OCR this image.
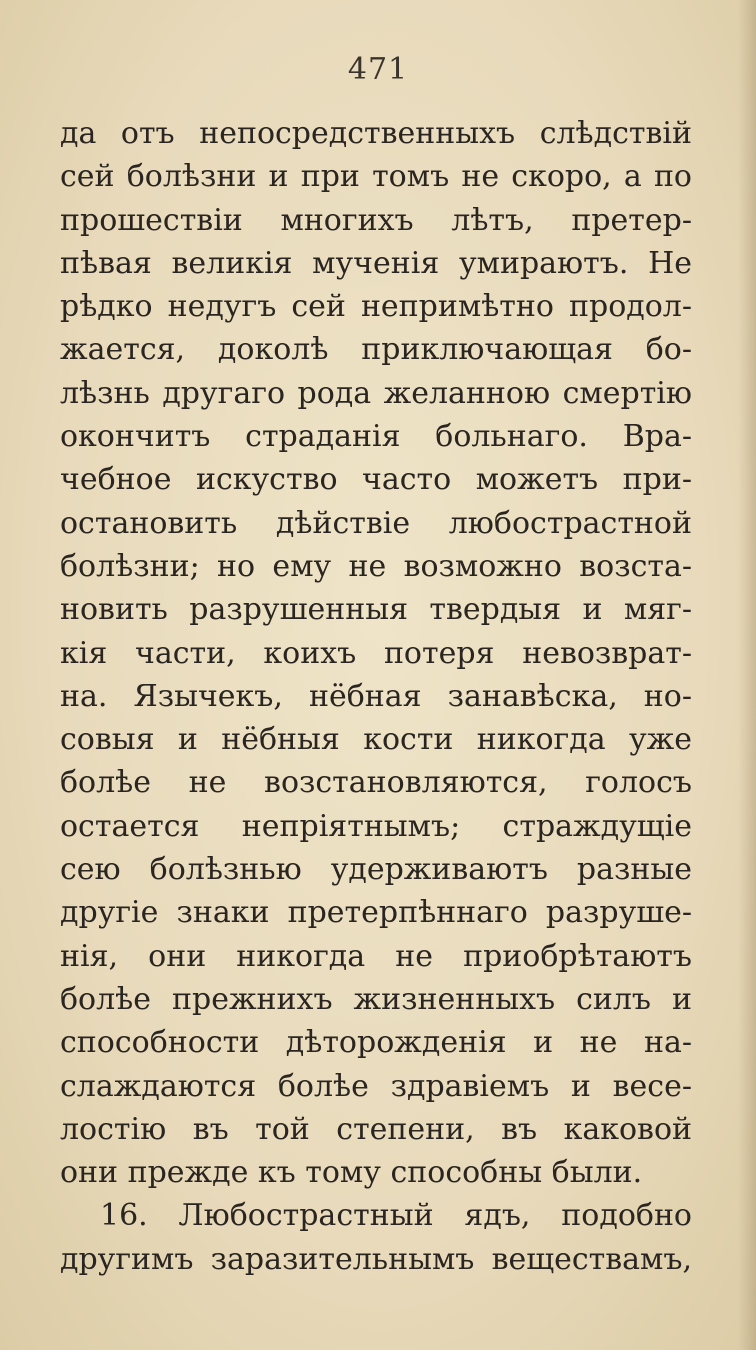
471
да отъ непосредственныхъ слѣдствій
сей болѣзни и при томъ не скоро, а по
прошествіи многихъ лѣтъ, претер-
пѣвая великія мученія умираютъ. Не
рѣдко недугъ сей непримѣтно продол-
жается, доколѣ приключающая бо-
лѣзнь другаго рода желанною смертію
окончитъ страданія больнаго. Вра-
чебное искуство часто можетъ при-
остановить дѣйствіе любострастной
болѣзни; но ему не возможно возста-
новить разрушенныя твердыя и мяг-
кія части, коихъ потеря невозврат-
на. Язычекъ, нёбная занавѣска, но-
совыя и нёбныя кости никогда уже
болѣе не возстановляются, голосъ
остается непріятнымъ; страждущіе
сею болѣзнью удерживаютъ разные
другіе знаки претерпѣннаго разруше-
нія, они никогда не приобрѣтаютъ
болѣе прежнихъ жизненныхъ силъ и
способности дѣторожденія и не на-
слаждаются болѣе здравіемъ и весе-
лостію въ той степени, въ каковой
они прежде къ тому способны были.
16. Любострастный ядъ, подобно
другимъ заразительнымъ веществамъ,
